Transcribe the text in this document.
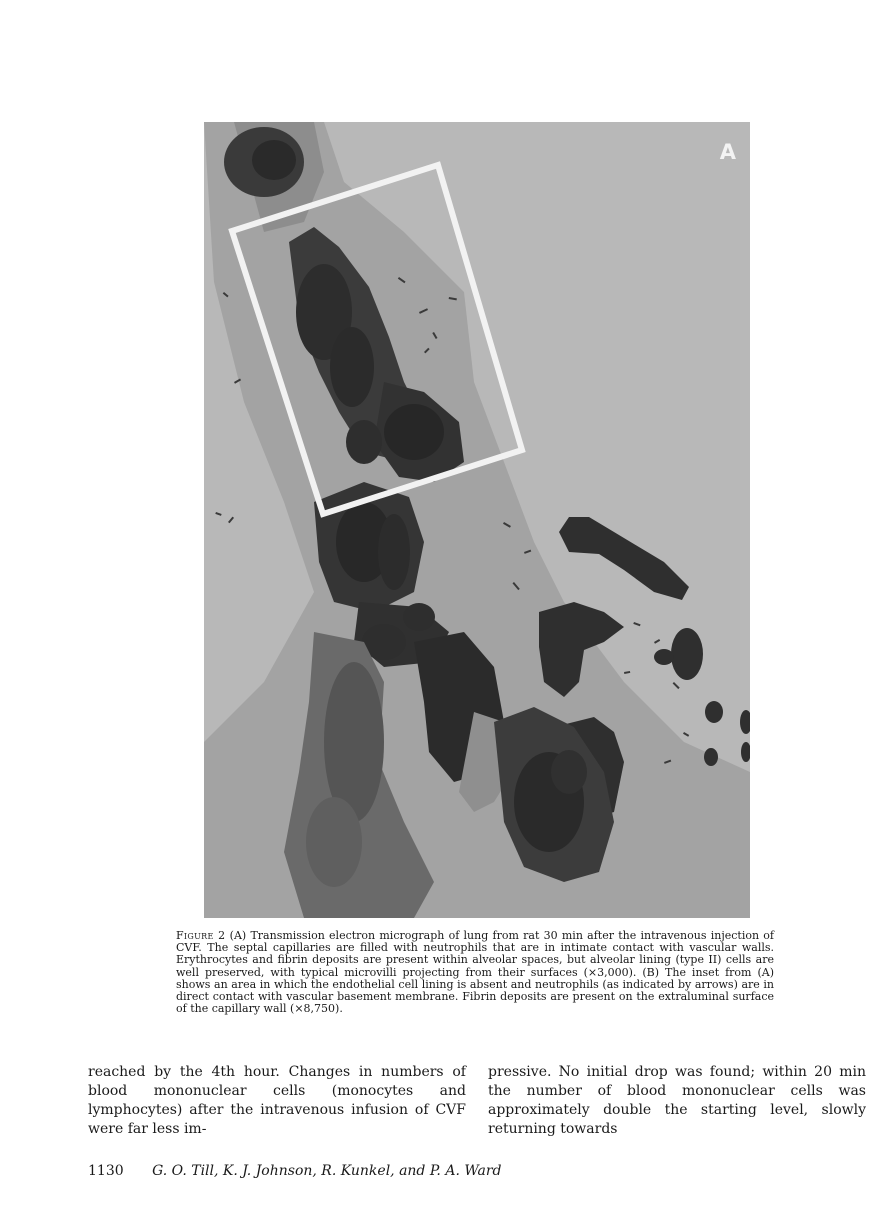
A

Figure 2 (A) Transmission electron micrograph of lung from rat 30 min after the intravenous injection of CVF. The septal capillaries are filled with neutrophils that are in intimate contact with vascular walls. Erythrocytes and fibrin deposits are present within alveolar spaces, but alveolar lining (type II) cells are well preserved, with typical microvilli projecting from their surfaces (×3,000). (B) The inset from (A) shows an area in which the endothelial cell lining is absent and neutrophils (as indicated by arrows) are in direct contact with vascular basement membrane. Fibrin deposits are present on the extraluminal surface of the capillary wall (×8,750).

reached by the 4th hour. Changes in numbers of blood mononuclear cells (monocytes and lymphocytes) after the intravenous infusion of CVF were far less im-

pressive. No initial drop was found; within 20 min the number of blood mononuclear cells was approximately double the starting level, slowly returning towards

1130 G. O. Till, K. J. Johnson, R. Kunkel, and P. A. Ward
